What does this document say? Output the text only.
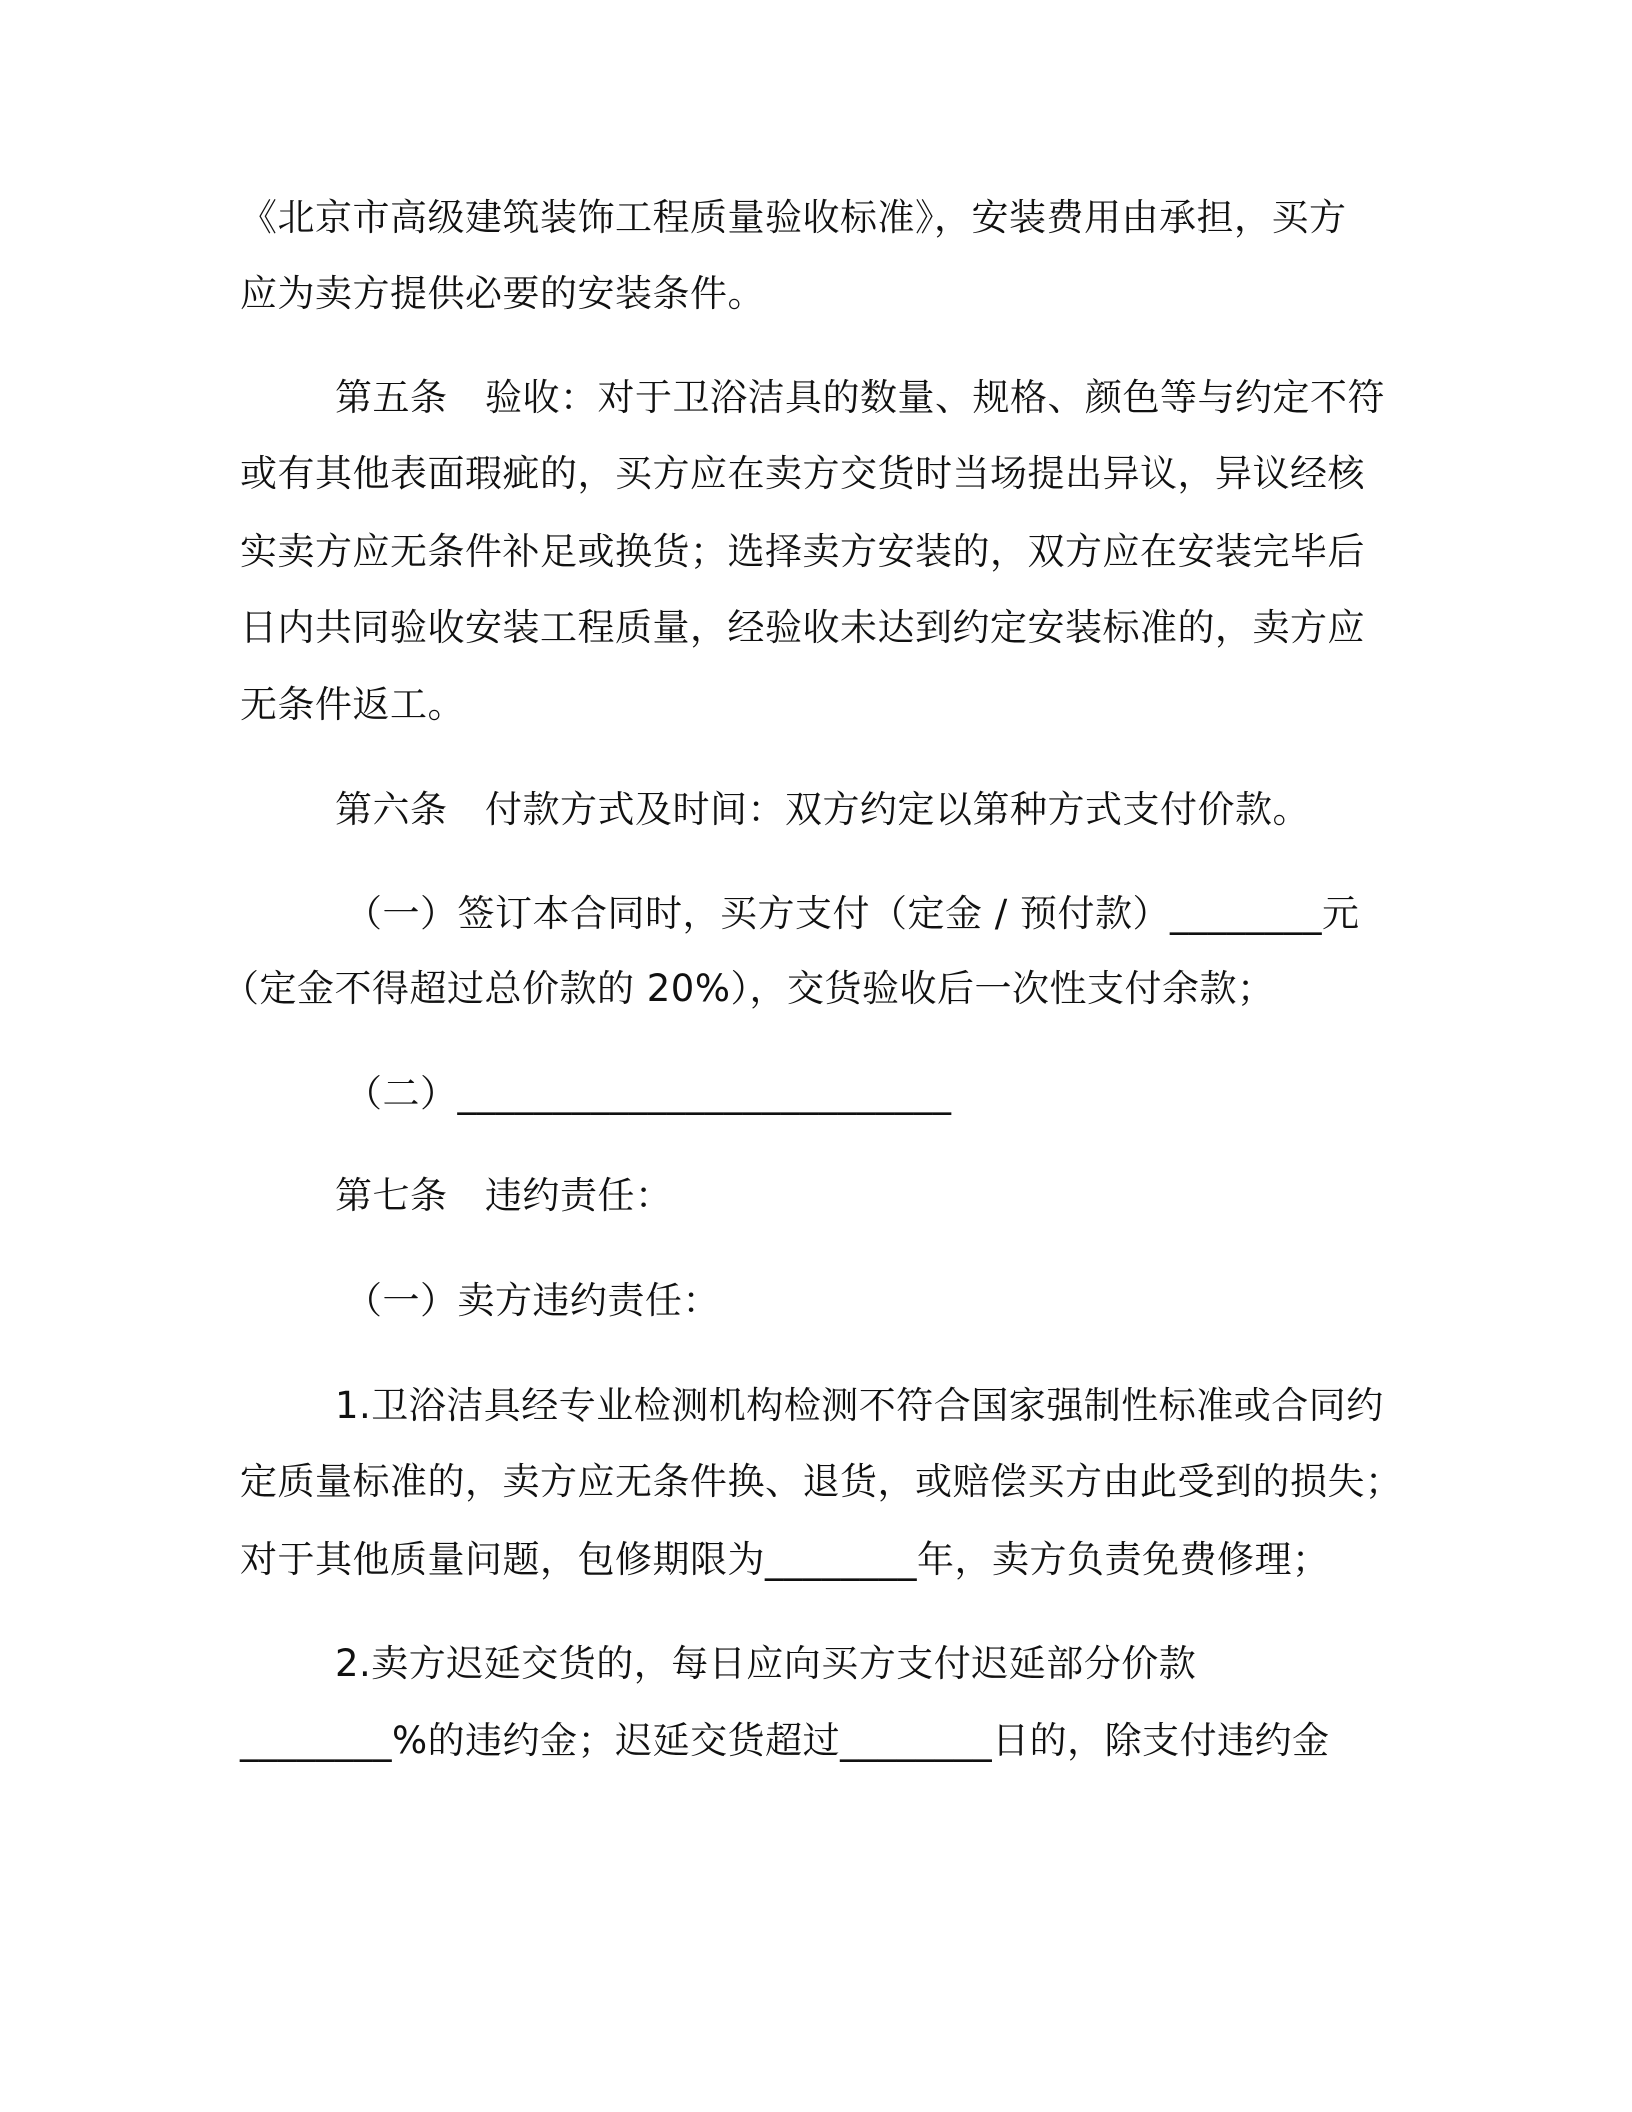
《北京市高级建筑装饰工程质量验收标准》，安装费用由承担，买方
应为卖方提供必要的安装条件。
第五条　验收：对于卫浴洁具的数量、规格、颜色等与约定不符
或有其他表面瑕疵的，买方应在卖方交货时当场提出异议，异议经核
实卖方应无条件补足或换货；选择卖方安装的，双方应在安装完毕后
日内共同验收安装工程质量，经验收未达到约定安装标准的，卖方应
无条件返工。
第六条　付款方式及时间：双方约定以第种方式支付价款。
（一）签订本合同时，买方支付（定金 / 预付款）________元
（定金不得超过总价款的 20%），交货验收后一次性支付余款；
（二）__________________________
第七条　违约责任：
（一）卖方违约责任：
1.卫浴洁具经专业检测机构检测不符合国家强制性标准或合同约
定质量标准的，卖方应无条件换、退货，或赔偿买方由此受到的损失；
对于其他质量问题，包修期限为________年，卖方负责免费修理；
2.卖方迟延交货的，每日应向买方支付迟延部分价款
________%的违约金；迟延交货超过________日的，除支付违约金
